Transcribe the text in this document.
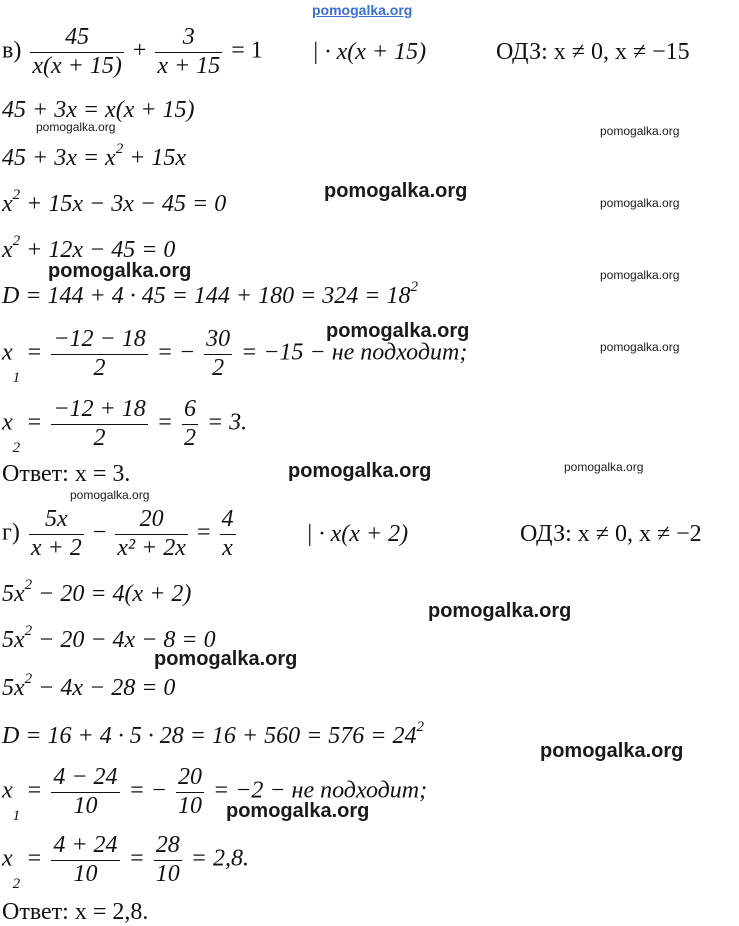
pomogalka.org
$в) \frac{45}{x(x + 15)} + \frac{3}{x + 15} = 1$ | · x(x + 15)	ОДЗ: x ≠ 0, x ≠ −15
45 + 3x = x(x + 15)
$45 + 3x = x^2 + 15x$
$x^2 + 15x - 3x - 45 = 0$
$x^2 + 12x - 45 = 0$
$D = 144 + 4 \cdot 45 = 144 + 180 = 324 = 18^2$
$x_1 = \frac{-12 - 18}{2}$ = − $\frac{30}{2} = -15$ − не подходит;
$x_2 = \frac{-12 + 18}{2} = \frac{6}{2} = 3$.
Ответ: x = 3.
$г) \frac{5x}{x + 2} - \frac{20}{\text{x² + 2x}} = \frac{4}{x}$	| · x(x + 2)	ОДЗ: x ≠ 0, x ≠ −2
$5x^2 - 20 = 4(x + 2)$
$5x^2 - 20 - 4x - 8 = 0$
$5x^2 - 4x - 28 = 0$
$D = 16 + 4 \cdot 5 \cdot 28 = 16 + 560 = 576 = 24^2$
$x_1 = \frac{4 - 24}{10}$ = − $\frac{20}{10} = -2$ − не подходит;
$x_2 = \frac{4 + 24}{10} = \frac{28}{10} = 2,8$.
Ответ: x = 2,8.
pomogalka.org	pomogalka.org
pomogalka.org
pomogalka.org
pomogalka.org	pomogalka.org
pomogalka.org
pomogalka.org
pomogalka.org	pomogalka.org
pomogalka.org
pomogalka.org
pomogalka.org
pomogalka.org
pomogalka.org
